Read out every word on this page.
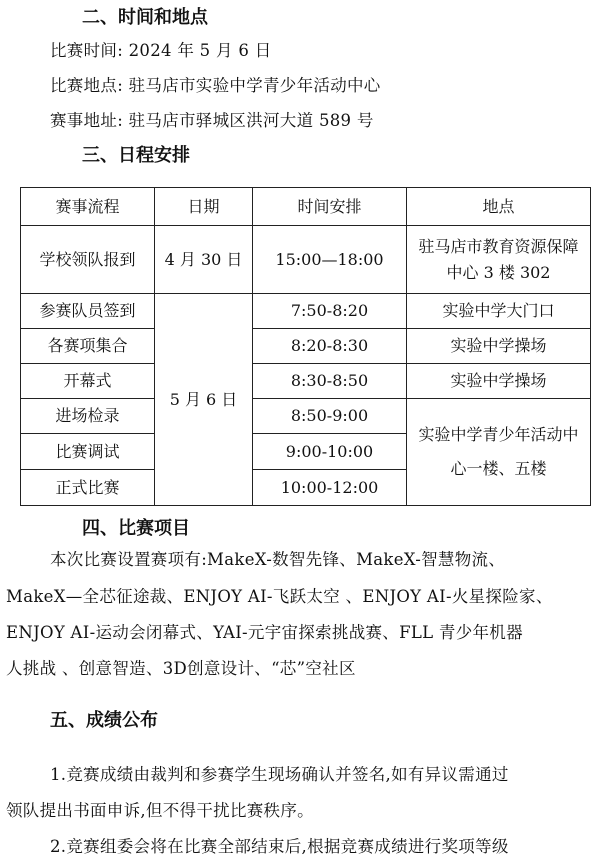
二、时间和地点
比赛时间: 2024 年 5 月 6 日
比赛地点: 驻马店市实验中学青少年活动中心
赛事地址: 驻马店市驿城区洪河大道 589 号
三、日程安排
赛事流程	日期	时间安排	地点
学校领队报到	4 月 30 日	15:00—18:00	驻马店市教育资源保障中心 3 楼 302
参赛队员签到	5 月 6 日	7:50-8:20	实验中学大门口
各赛项集合		8:20-8:30	实验中学操场
开幕式		8:30-8:50	实验中学操场
进场检录		8:50-9:00	实验中学青少年活动中心一楼、五楼
比赛调试		9:00-10:00	
正式比赛		10:00-12:00	
四、比赛项目
本次比赛设置赛项有:MakeX-数智先锋、MakeX-智慧物流、
MakeX—全芯征途裁、ENJOY AI-飞跃太空 、ENJOY AI-火星探险家、
ENJOY AI-运动会闭幕式、YAI-元宇宙探索挑战赛、FLL 青少年机器
人挑战 、创意智造、3D创意设计、“芯”空社区
五、成绩公布
1.竞赛成绩由裁判和参赛学生现场确认并签名,如有异议需通过
领队提出书面申诉,但不得干扰比赛秩序。
2.竞赛组委会将在比赛全部结束后,根据竞赛成绩进行奖项等级
